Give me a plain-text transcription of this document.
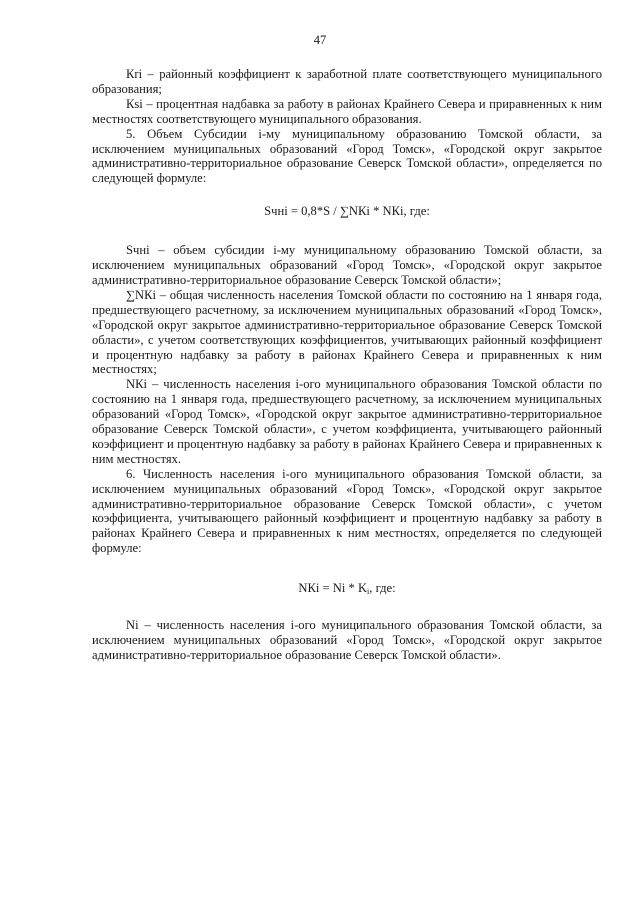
47

Кri – районный коэффициент к заработной плате соответствующего муниципального образования;

Кsi – процентная надбавка за работу в районах Крайнего Севера и приравненных к ним местностях соответствующего муниципального образования.

5. Объем Субсидии i-му муниципальному образованию Томской области, за исключением муниципальных образований «Город Томск», «Городской округ закрытое административно-территориальное образование Северск Томской области», определяется по следующей формуле:

Sчнi = 0,8*S / ∑NКi * NКi, где:

Sчнi – объем субсидии i-му муниципальному образованию Томской области, за исключением муниципальных образований «Город Томск», «Городской округ закрытое административно-территориальное образование Северск Томской области»;

∑NКi – общая численность населения Томской области по состоянию на 1 января года, предшествующего расчетному, за исключением муниципальных образований «Город Томск», «Городской округ закрытое административно-территориальное образование Северск Томской области», с учетом соответствующих коэффициентов, учитывающих районный коэффициент и процентную надбавку за работу в районах Крайнего Севера и приравненных к ним местностях;

NКi – численность населения i-ого муниципального образования Томской области по состоянию на 1 января года, предшествующего расчетному, за исключением муниципальных образований «Город Томск», «Городской округ закрытое административно-территориальное образование Северск Томской области», с учетом коэффициента, учитывающего районный коэффициент и процентную надбавку за работу в районах Крайнего Севера и приравненных к ним местностях.

6. Численность населения i-ого муниципального образования Томской области, за исключением муниципальных образований «Город Томск», «Городской округ закрытое административно-территориальное образование Северск Томской области», с учетом коэффициента, учитывающего районный коэффициент и процентную надбавку за работу в районах Крайнего Севера и приравненных к ним местностях, определяется по следующей формуле:

NКi = Ni * $K_i$, где:

Ni – численность населения i-ого муниципального образования Томской области, за исключением муниципальных образований «Город Томск», «Городской округ закрытое административно-территориальное образование Северск Томской области».
